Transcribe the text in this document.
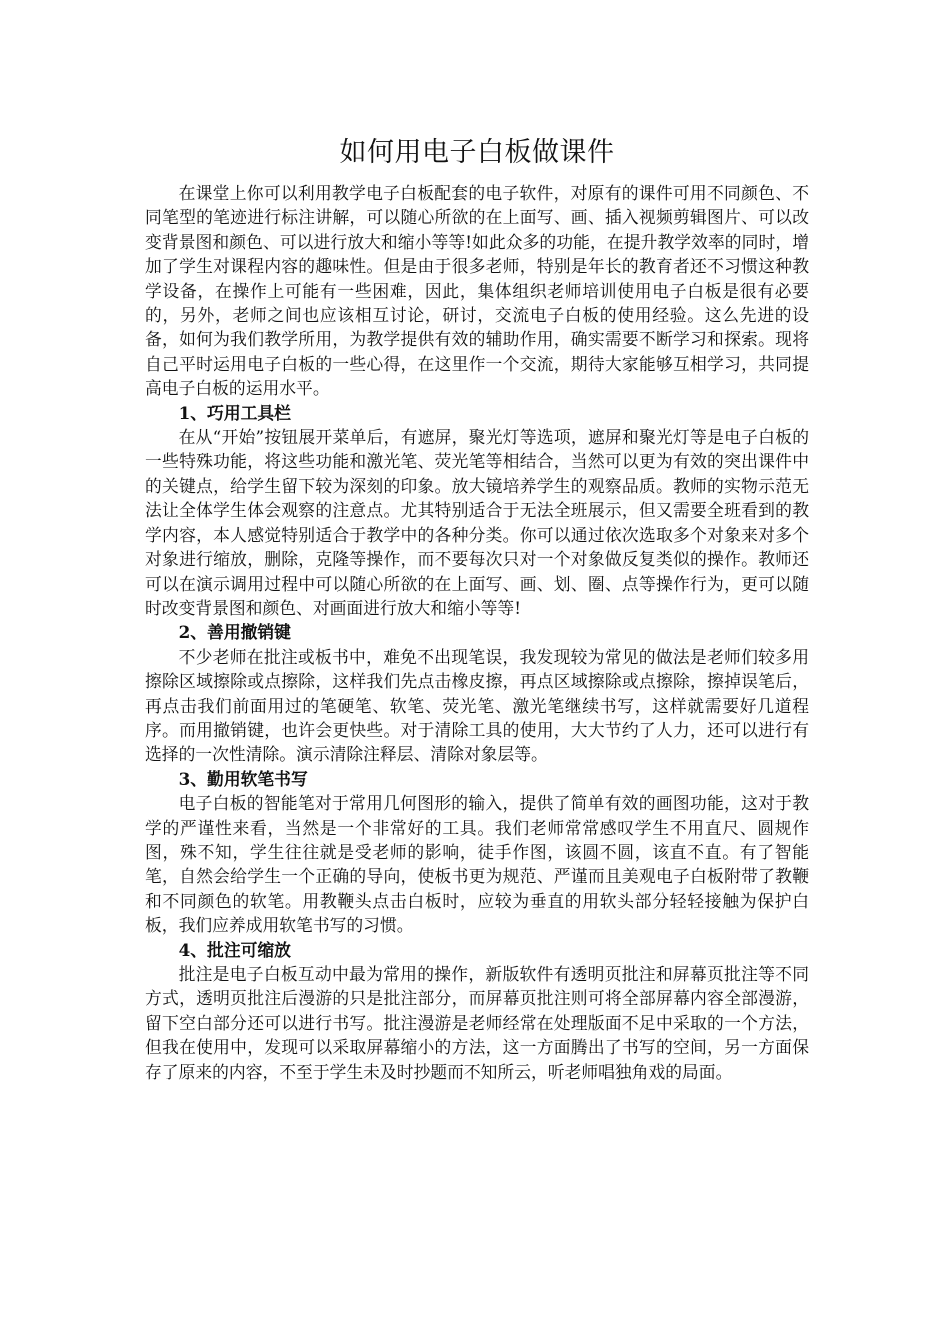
如何用电子白板做课件

在课堂上你可以利用教学电子白板配套的电子软件，对原有的课件可用不同颜色、不同笔型的笔迹进行标注讲解，可以随心所欲的在上面写、画、插入视频剪辑图片、可以改变背景图和颜色、可以进行放大和缩小等等!如此众多的功能，在提升教学效率的同时，增加了学生对课程内容的趣味性。但是由于很多老师，特别是年长的教育者还不习惯这种教学设备，在操作上可能有一些困难，因此，集体组织老师培训使用电子白板是很有必要的，另外，老师之间也应该相互讨论，研讨，交流电子白板的使用经验。这么先进的设备，如何为我们教学所用，为教学提供有效的辅助作用，确实需要不断学习和探索。现将自己平时运用电子白板的一些心得，在这里作一个交流，期待大家能够互相学习，共同提高电子白板的运用水平。

1、巧用工具栏

在从“开始”按钮展开菜单后，有遮屏，聚光灯等选项，遮屏和聚光灯等是电子白板的一些特殊功能，将这些功能和激光笔、荧光笔等相结合，当然可以更为有效的突出课件中的关键点，给学生留下较为深刻的印象。放大镜培养学生的观察品质。教师的实物示范无法让全体学生体会观察的注意点。尤其特别适合于无法全班展示，但又需要全班看到的教学内容，本人感觉特别适合于教学中的各种分类。你可以通过依次选取多个对象来对多个对象进行缩放，删除，克隆等操作，而不要每次只对一个对象做反复类似的操作。教师还可以在演示调用过程中可以随心所欲的在上面写、画、划、圈、点等操作行为，更可以随时改变背景图和颜色、对画面进行放大和缩小等等!

2、善用撤销键

不少老师在批注或板书中，难免不出现笔误，我发现较为常见的做法是老师们较多用擦除区域擦除或点擦除，这样我们先点击橡皮擦，再点区域擦除或点擦除，擦掉误笔后，再点击我们前面用过的笔硬笔、软笔、荧光笔、激光笔继续书写，这样就需要好几道程序。而用撤销键，也许会更快些。对于清除工具的使用，大大节约了人力，还可以进行有选择的一次性清除。演示清除注释层、清除对象层等。

3、勤用软笔书写

电子白板的智能笔对于常用几何图形的输入，提供了简单有效的画图功能，这对于教学的严谨性来看，当然是一个非常好的工具。我们老师常常感叹学生不用直尺、圆规作图，殊不知，学生往往就是受老师的影响，徒手作图，该圆不圆，该直不直。有了智能笔，自然会给学生一个正确的导向，使板书更为规范、严谨而且美观电子白板附带了教鞭和不同颜色的软笔。用教鞭头点击白板时，应较为垂直的用软头部分轻轻接触为保护白板，我们应养成用软笔书写的习惯。

4、批注可缩放

批注是电子白板互动中最为常用的操作，新版软件有透明页批注和屏幕页批注等不同方式，透明页批注后漫游的只是批注部分，而屏幕页批注则可将全部屏幕内容全部漫游，留下空白部分还可以进行书写。批注漫游是老师经常在处理版面不足中采取的一个方法，但我在使用中，发现可以采取屏幕缩小的方法，这一方面腾出了书写的空间，另一方面保存了原来的内容，不至于学生未及时抄题而不知所云，听老师唱独角戏的局面。
